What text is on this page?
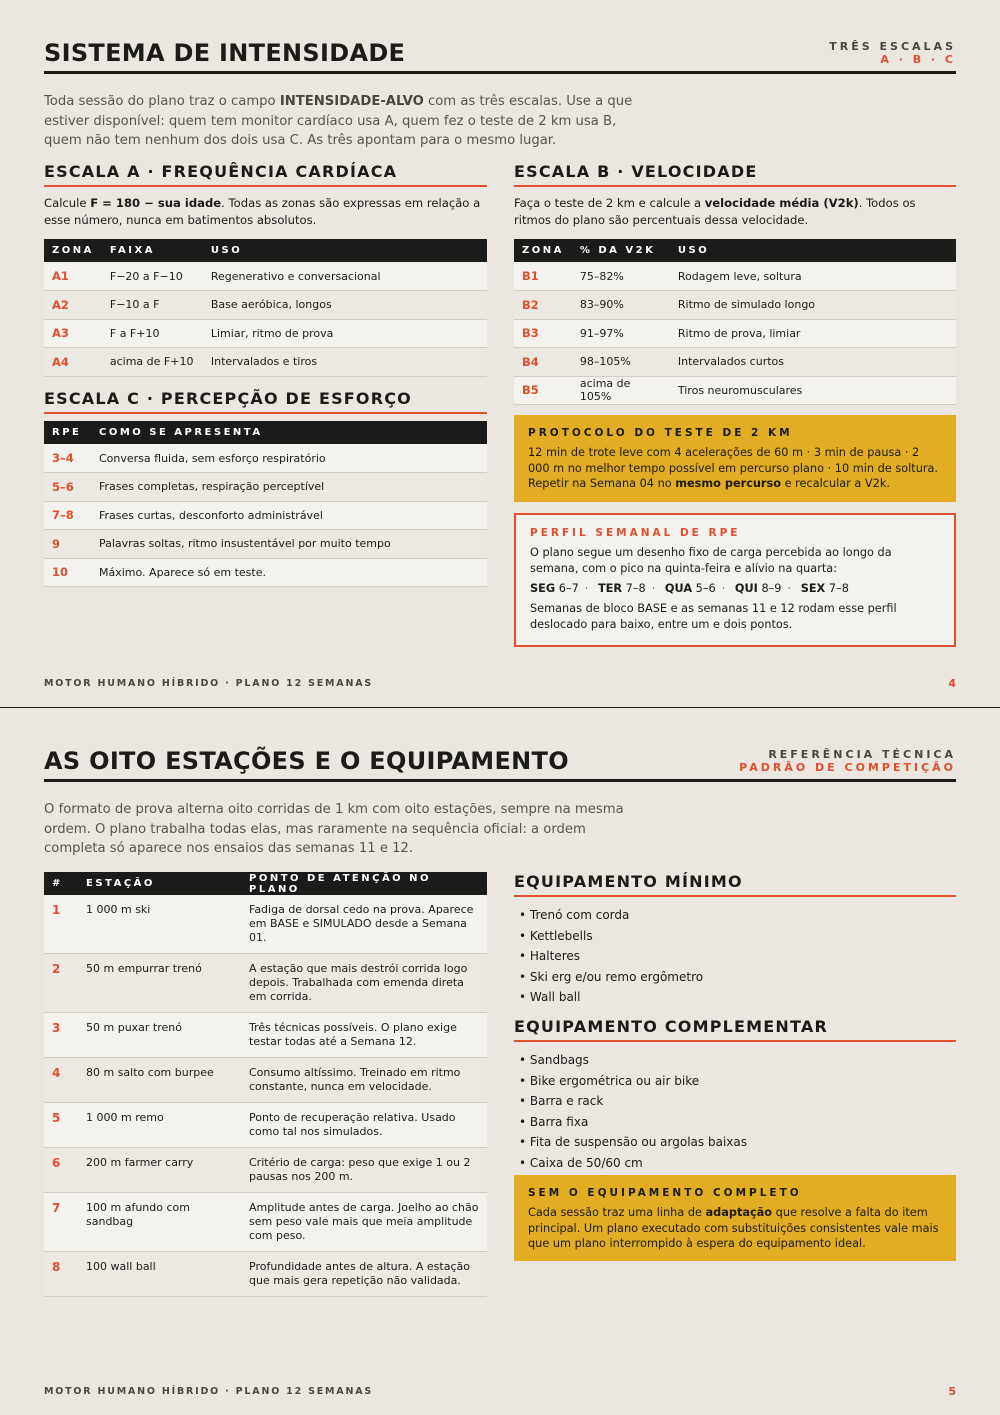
SISTEMA DE INTENSIDADE	TRÊS ESCALAS
A · B · C

Toda sessão do plano traz o campo INTENSIDADE-ALVO com as três escalas. Use a que estiver disponível: quem tem monitor cardíaco usa A, quem fez o teste de 2 km usa B, quem não tem nenhum dos dois usa C. As três apontam para o mesmo lugar.

ESCALA A · FREQUÊNCIA CARDÍACA

Calcule F = 180 − sua idade. Todas as zonas são expressas em relação a esse número, nunca em batimentos absolutos.

ZONA	FAIXA	USO
A1	F−20 a F−10	Regenerativo e conversacional
A2	F−10 a F	Base aeróbica, longos
A3	F a F+10	Limiar, ritmo de prova
A4	acima de F+10	Intervalados e tiros
ESCALA B · VELOCIDADE

Faça o teste de 2 km e calcule a velocidade média (V2k). Todos os ritmos do plano são percentuais dessa velocidade.

ZONA	% DA V2K	USO
B1	75–82%	Rodagem leve, soltura
B2	83–90%	Ritmo de simulado longo
B3	91–97%	Ritmo de prova, limiar
B4	98–105%	Intervalados curtos
B5	acima de 105%	Tiros neuromusculares
ESCALA C · PERCEPÇÃO DE ESFORÇO
RPE	COMO SE APRESENTA
3–4	Conversa fluida, sem esforço respiratório
5–6	Frases completas, respiração perceptível
7–8	Frases curtas, desconforto administrável
9	Palavras soltas, ritmo insustentável por muito tempo
10	Máximo. Aparece só em teste.
PROTOCOLO DO TESTE DE 2 KM

12 min de trote leve com 4 acelerações de 60 m · 3 min de pausa · 2 000 m no melhor tempo possível em percurso plano · 10 min de soltura. Repetir na Semana 04 no mesmo percurso e recalcular a V2k.

PERFIL SEMANAL DE RPE

O plano segue um desenho fixo de carga percebida ao longo da semana, com o pico na quinta-feira e alívio na quarta:

SEG 6–7 · TER 7–8 · QUA 5–6 · QUI 8–9 · SEX 7–8

Semanas de bloco BASE e as semanas 11 e 12 rodam esse perfil deslocado para baixo, entre um e dois pontos.

MOTOR HUMANO HÍBRIDO · PLANO 12 SEMANAS	4
AS OITO ESTAÇÕES E O EQUIPAMENTO	REFERÊNCIA TÉCNICA
PADRÃO DE COMPETIÇÃO

O formato de prova alterna oito corridas de 1 km com oito estações, sempre na mesma ordem. O plano trabalha todas elas, mas raramente na sequência oficial: a ordem completa só aparece nos ensaios das semanas 11 e 12.

#	ESTAÇÃO	PONTO DE ATENÇÃO NO PLANO
1	1 000 m ski	Fadiga de dorsal cedo na prova. Aparece em BASE e SIMULADO desde a Semana 01.
2	50 m empurrar trenó	A estação que mais destrói corrida logo depois. Trabalhada com emenda direta em corrida.
3	50 m puxar trenó	Três técnicas possíveis. O plano exige testar todas até a Semana 12.
4	80 m salto com burpee	Consumo altíssimo. Treinado em ritmo constante, nunca em velocidade.
5	1 000 m remo	Ponto de recuperação relativa. Usado como tal nos simulados.
6	200 m farmer carry	Critério de carga: peso que exige 1 ou 2 pausas nos 200 m.
7	100 m afundo com sandbag	Amplitude antes de carga. Joelho ao chão sem peso vale mais que meia amplitude com peso.
8	100 wall ball	Profundidade antes de altura. A estação que mais gera repetição não validada.
EQUIPAMENTO MÍNIMO
• Trenó com corda
• Kettlebells
• Halteres
• Ski erg e/ou remo ergômetro
• Wall ball
EQUIPAMENTO COMPLEMENTAR
• Sandbags
• Bike ergométrica ou air bike
• Barra e rack
• Barra fixa
• Fita de suspensão ou argolas baixas
• Caixa de 50/60 cm
SEM O EQUIPAMENTO COMPLETO

Cada sessão traz uma linha de adaptação que resolve a falta do item principal. Um plano executado com substituições consistentes vale mais que um plano interrompido à espera do equipamento ideal.

MOTOR HUMANO HÍBRIDO · PLANO 12 SEMANAS	5
